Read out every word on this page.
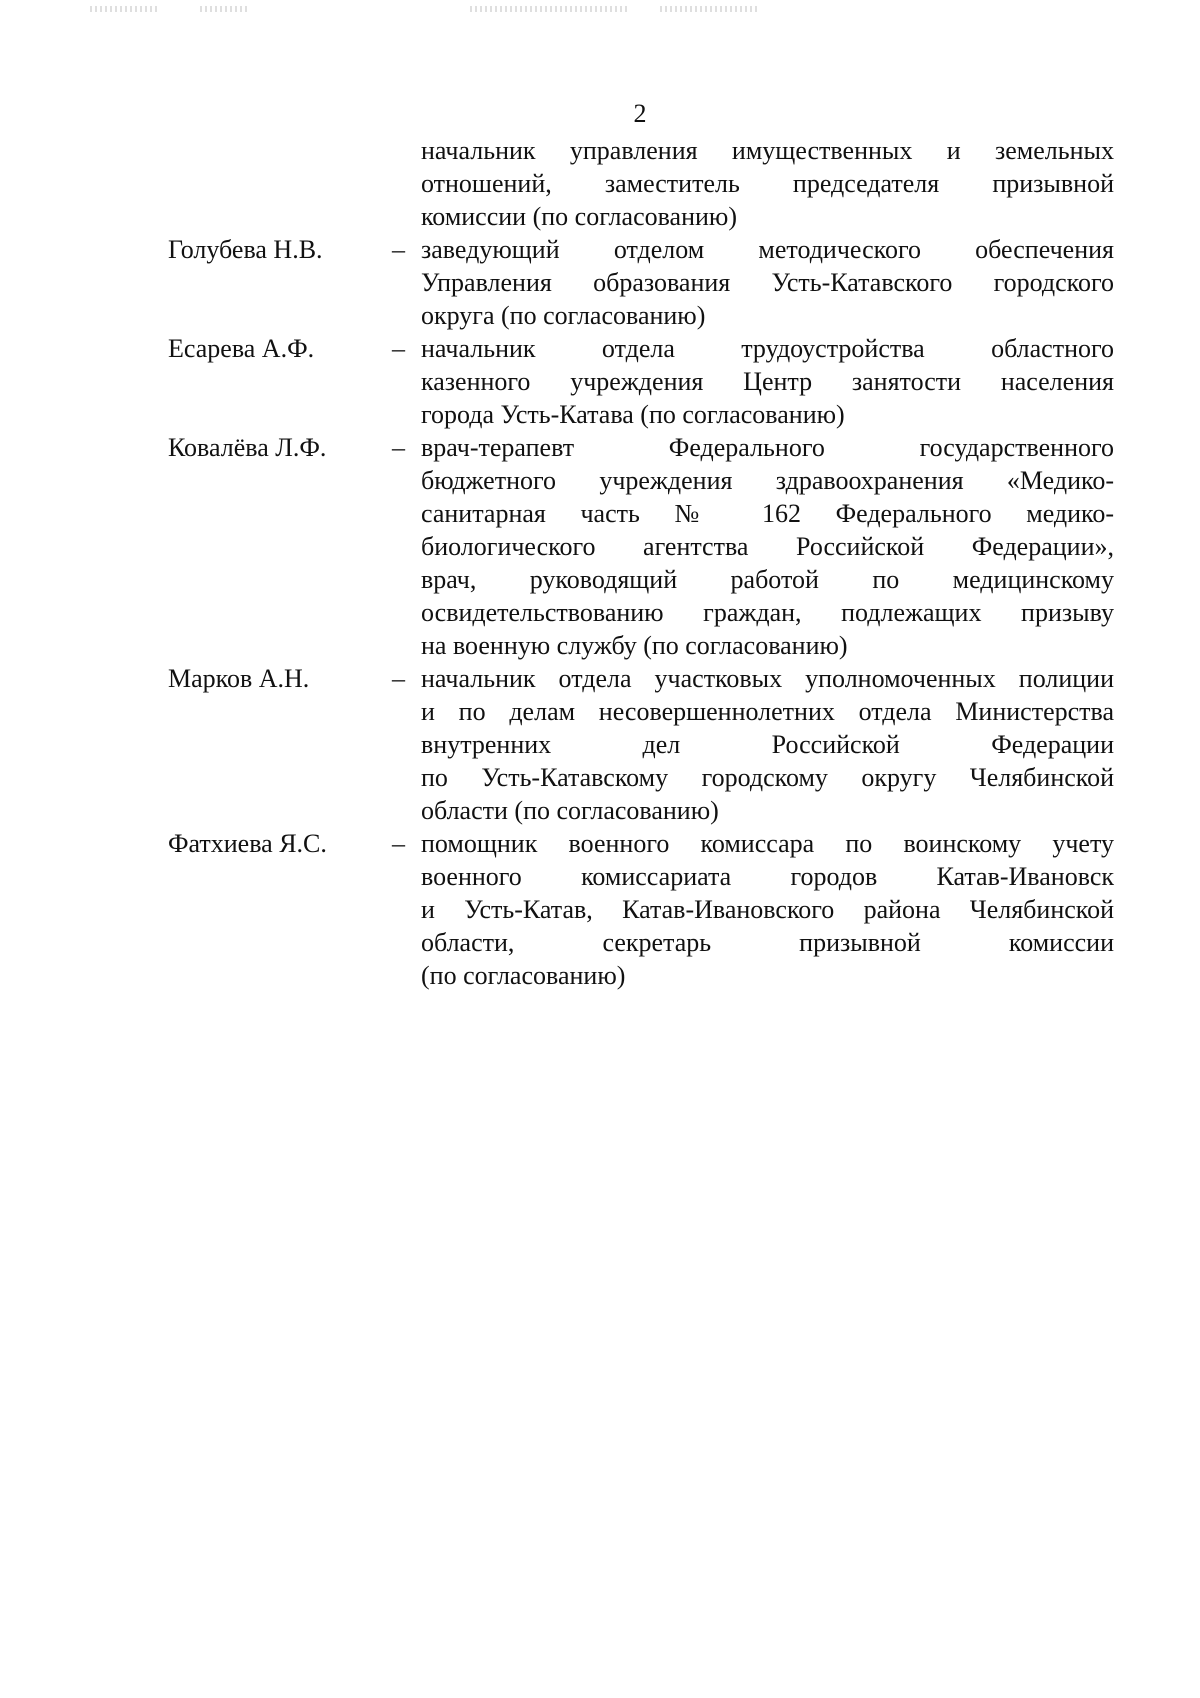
2
начальник управления имущественных и земельных
отношений, заместитель председателя призывной
комиссии (по согласованию)
Голубева Н.В.	– заведующий отделом методического обеспечения
Управления образования Усть-Катавского городского
округа (по согласованию)
Есарева А.Ф.	– начальник отдела трудоустройства областного
казенного учреждения Центр занятости населения
города Усть-Катава (по согласованию)
Ковалёва Л.Ф.	– врач-терапевт Федерального государственного
бюджетного учреждения здравоохранения «Медико-
санитарная часть № 162 Федерального медико-
биологического агентства Российской Федерации»,
врач, руководящий работой по медицинскому
освидетельствованию граждан, подлежащих призыву
на военную службу (по согласованию)
Марков А.Н.	– начальник отдела участковых уполномоченных полиции
и по делам несовершеннолетних отдела Министерства
внутренних дел Российской Федерации
по Усть-Катавскому городскому округу Челябинской
области (по согласованию)
Фатхиева Я.С.	– помощник военного комиссара по воинскому учету
военного комиссариата городов Катав-Ивановск
и Усть-Катав, Катав-Ивановского района Челябинской
области, секретарь призывной комиссии
(по согласованию)
